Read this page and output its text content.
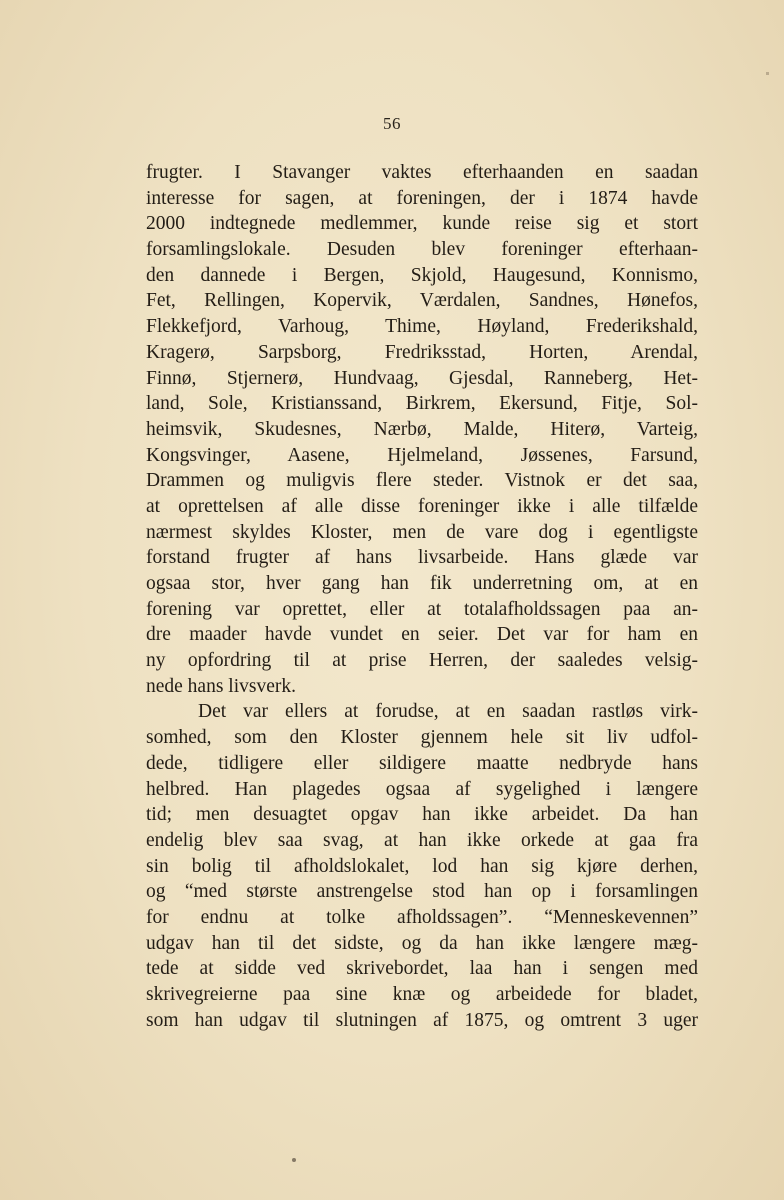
56
frugter. I Stavanger vaktes efterhaanden en saadan
interesse for sagen, at foreningen, der i 1874 havde
2000 indtegnede medlemmer, kunde reise sig et stort
forsamlingslokale. Desuden blev foreninger efterhaan-
den dannede i Bergen, Skjold, Haugesund, Konnismo,
Fet, Rellingen, Kopervik, Værdalen, Sandnes, Hønefos,
Flekkefjord, Varhoug, Thime, Høyland, Frederikshald,
Kragerø, Sarpsborg, Fredriksstad, Horten, Arendal,
Finnø, Stjernerø, Hundvaag, Gjesdal, Ranneberg, Het-
land, Sole, Kristianssand, Birkrem, Ekersund, Fitje, Sol-
heimsvik, Skudesnes, Nærbø, Malde, Hiterø, Varteig,
Kongsvinger, Aasene, Hjelmeland, Jøssenes, Farsund,
Drammen og muligvis flere steder. Vistnok er det saa,
at oprettelsen af alle disse foreninger ikke i alle tilfælde
nærmest skyldes Kloster, men de vare dog i egentligste
forstand frugter af hans livsarbeide. Hans glæde var
ogsaa stor, hver gang han fik underretning om, at en
forening var oprettet, eller at totalafholdssagen paa an-
dre maader havde vundet en seier. Det var for ham en
ny opfordring til at prise Herren, der saaledes velsig-
nede hans livsverk.
Det var ellers at forudse, at en saadan rastløs virk-
somhed, som den Kloster gjennem hele sit liv udfol-
dede, tidligere eller sildigere maatte nedbryde hans
helbred. Han plagedes ogsaa af sygelighed i længere
tid; men desuagtet opgav han ikke arbeidet. Da han
endelig blev saa svag, at han ikke orkede at gaa fra
sin bolig til afholdslokalet, lod han sig kjøre derhen,
og “med største anstrengelse stod han op i forsamlingen
for endnu at tolke afholdssagen”. “Menneskevennen”
udgav han til det sidste, og da han ikke længere mæg-
tede at sidde ved skrivebordet, laa han i sengen med
skrivegreierne paa sine knæ og arbeidede for bladet,
som han udgav til slutningen af 1875, og omtrent 3 uger
